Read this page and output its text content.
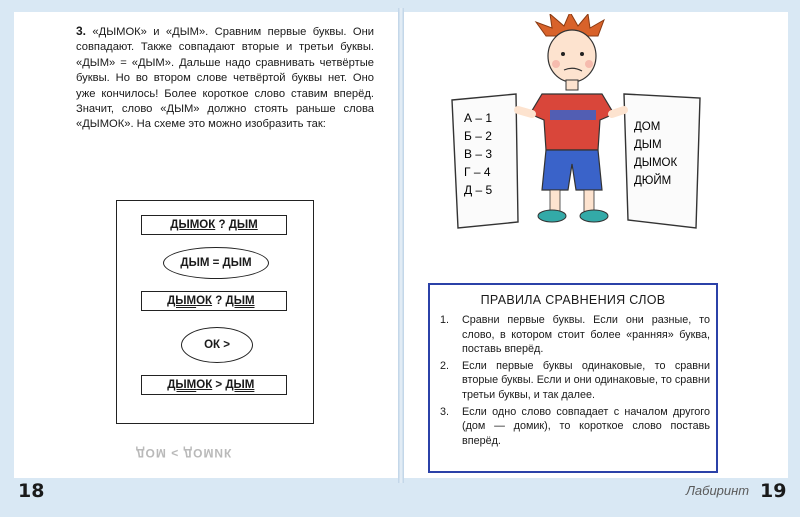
3. «ДЫМОК» и «ДЫМ». Сравним первые буквы. Они совпадают. Также совпадают вторые и третьи буквы. «ДЫМ» = «ДЫМ». Дальше надо сравнивать четвёртые буквы. Но во втором слове четвёртой буквы нет. Оно уже кончилось! Более короткое слово ставим вперёд. Значит, слово «ДЫМ» должно стоять раньше слова «ДЫМОК». На схеме это можно изобразить так:
ДЫМОК ? ДЫМ
ДЫМ = ДЫМ
ДЫМОК ? ДЫМ
ОК >
ДЫМОК > ДЫМ
ДОМ < ДОМИК
А – 1
Б – 2
В – 3
Г – 4
Д – 5
ДОМ
ДЫМ
ДЫМОК
ДЮЙМ
ПРАВИЛА СРАВНЕНИЯ СЛОВ
1. Сравни первые буквы. Если они разные, то слово, в котором стоит более «ранняя» буква, поставь вперёд.
2. Если первые буквы одинаковые, то сравни вторые буквы. Если и они одинаковые, то сравни третьи буквы, и так далее.
3. Если одно слово совпадает с началом другого (дом — домик), то короткое слово поставь вперёд.
18	19
Лабиринт
